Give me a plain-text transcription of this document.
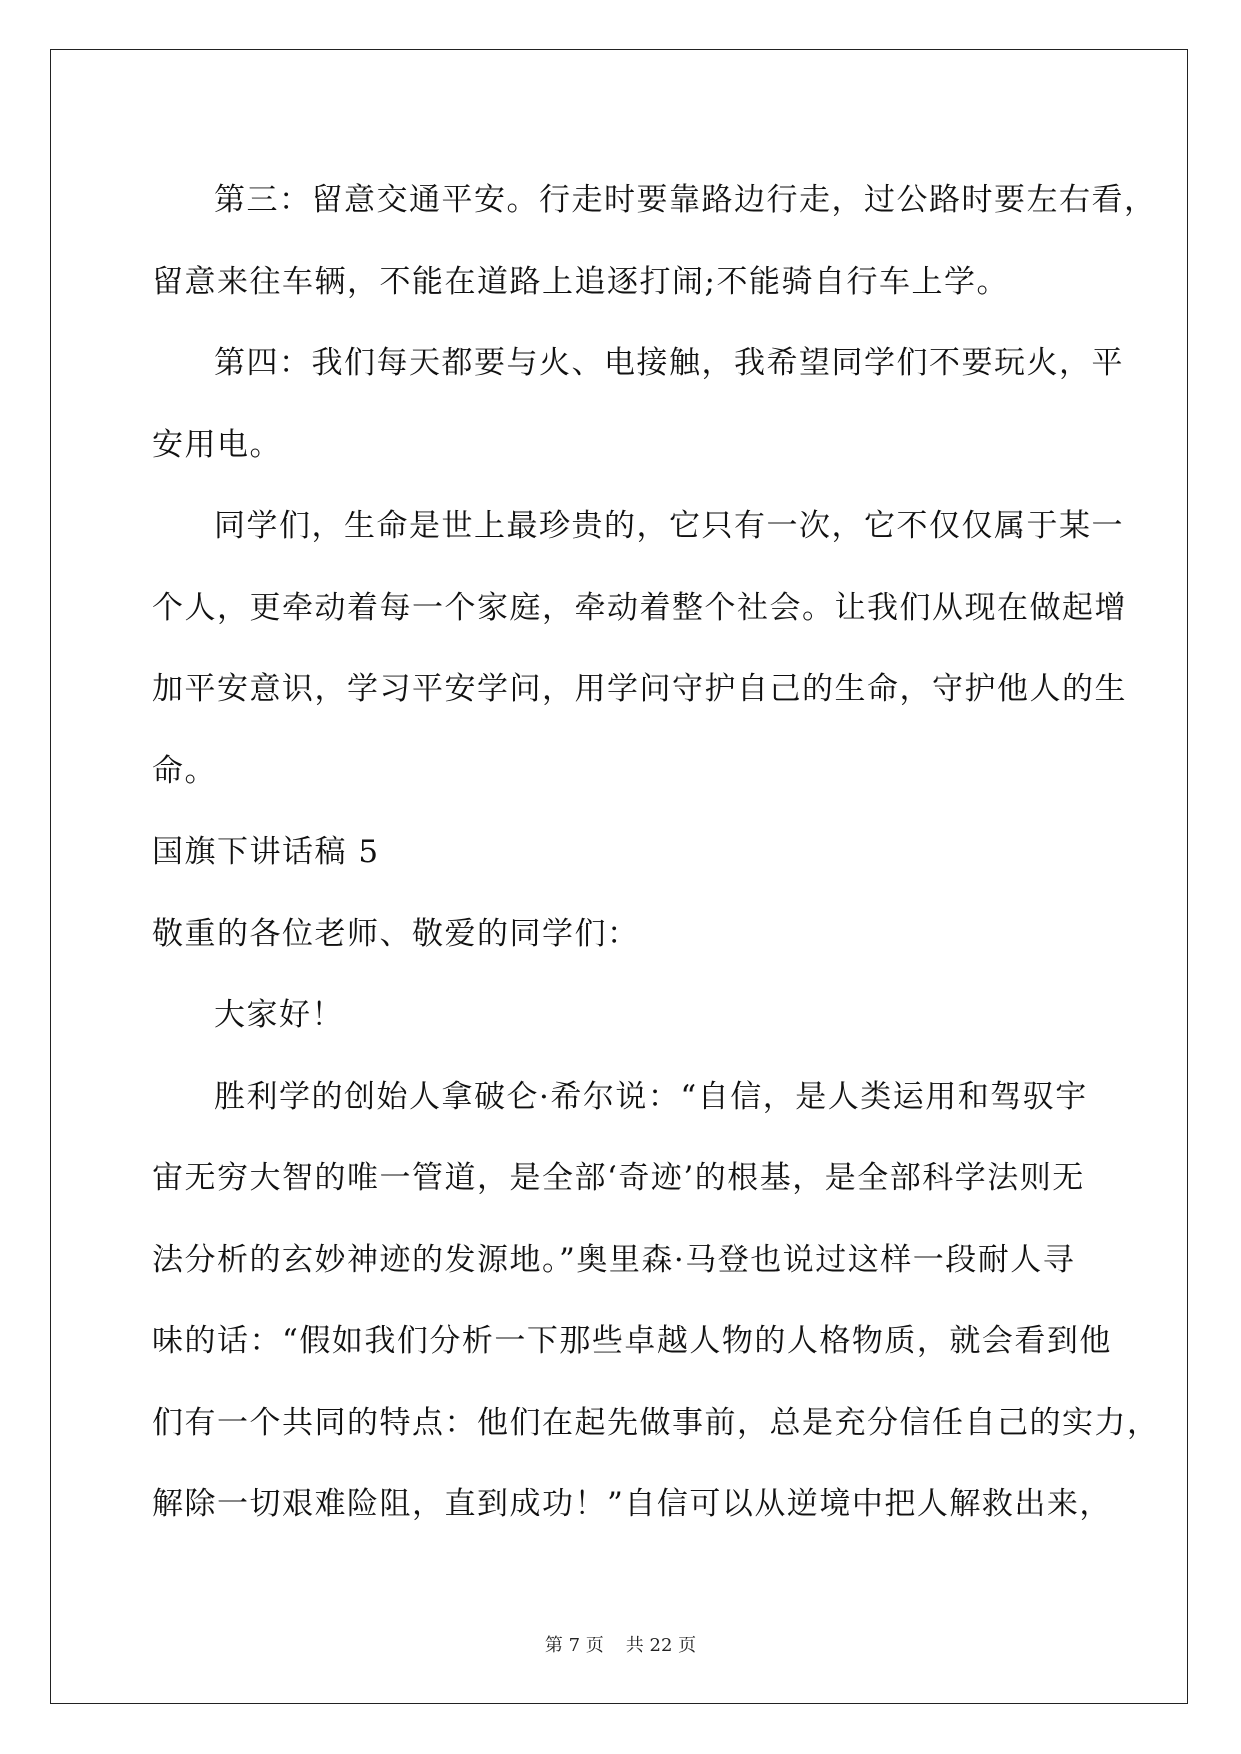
第三：留意交通平安。行走时要靠路边行走，过公路时要左右看，
留意来往车辆，不能在道路上追逐打闹;不能骑自行车上学。
第四：我们每天都要与火、电接触，我希望同学们不要玩火，平
安用电。
同学们，生命是世上最珍贵的，它只有一次，它不仅仅属于某一
个人，更牵动着每一个家庭，牵动着整个社会。让我们从现在做起增
加平安意识，学习平安学问，用学问守护自己的生命，守护他人的生
命。
国旗下讲话稿 5
敬重的各位老师、敬爱的同学们：
大家好！
胜利学的创始人拿破仑·希尔说：“自信，是人类运用和驾驭宇
宙无穷大智的唯一管道，是全部‘奇迹’的根基，是全部科学法则无
法分析的玄妙神迹的发源地。”奥里森·马登也说过这样一段耐人寻
味的话：“假如我们分析一下那些卓越人物的人格物质，就会看到他
们有一个共同的特点：他们在起先做事前，总是充分信任自己的实力，
解除一切艰难险阻，直到成功！”自信可以从逆境中把人解救出来，
第 7 页 共 22 页
